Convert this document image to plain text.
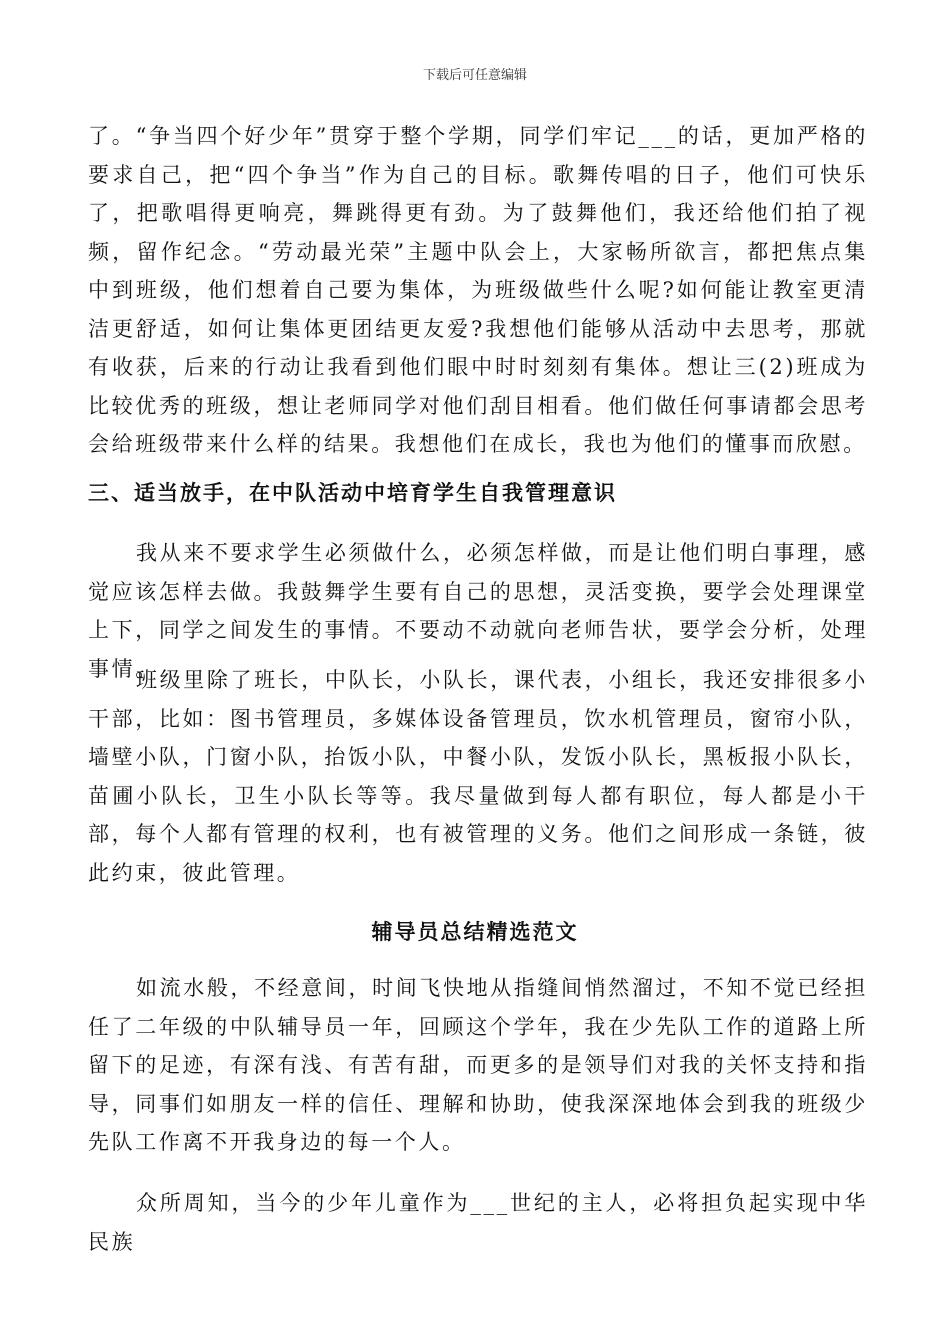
下载后可任意编辑

了。“争当四个好少年”贯穿于整个学期，同学们牢记___的话，更加严格的要求自己，把“四个争当”作为自己的目标。歌舞传唱的日子，他们可快乐了，把歌唱得更响亮，舞跳得更有劲。为了鼓舞他们，我还给他们拍了视频，留作纪念。“劳动最光荣”主题中队会上，大家畅所欲言，都把焦点集中到班级，他们想着自己要为集体，为班级做些什么呢?如何能让教室更清洁更舒适，如何让集体更团结更友爱?我想他们能够从活动中去思考，那就有收获，后来的行动让我看到他们眼中时时刻刻有集体。想让三(2)班成为比较优秀的班级，想让老师同学对他们刮目相看。他们做任何事请都会思考会给班级带来什么样的结果。我想他们在成长，我也为他们的懂事而欣慰。

三、适当放手，在中队活动中培育学生自我管理意识

我从来不要求学生必须做什么，必须怎样做，而是让他们明白事理，感觉应该怎样去做。我鼓舞学生要有自己的思想，灵活变换，要学会处理课堂上下，同学之间发生的事情。不要动不动就向老师告状，要学会分析，处理事情。

班级里除了班长，中队长，小队长，课代表，小组长，我还安排很多小干部，比如：图书管理员，多媒体设备管理员，饮水机管理员，窗帘小队，墙壁小队，门窗小队，抬饭小队，中餐小队，发饭小队长，黑板报小队长，苗圃小队长，卫生小队长等等。我尽量做到每人都有职位，每人都是小干部，每个人都有管理的权利，也有被管理的义务。他们之间形成一条链，彼此约束，彼此管理。

辅导员总结精选范文

如流水般，不经意间，时间飞快地从指缝间悄然溜过，不知不觉已经担任了二年级的中队辅导员一年，回顾这个学年，我在少先队工作的道路上所留下的足迹，有深有浅、有苦有甜，而更多的是领导们对我的关怀支持和指导，同事们如朋友一样的信任、理解和协助，使我深深地体会到我的班级少先队工作离不开我身边的每一个人。

众所周知，当今的少年儿童作为___世纪的主人，必将担负起实现中华民族
